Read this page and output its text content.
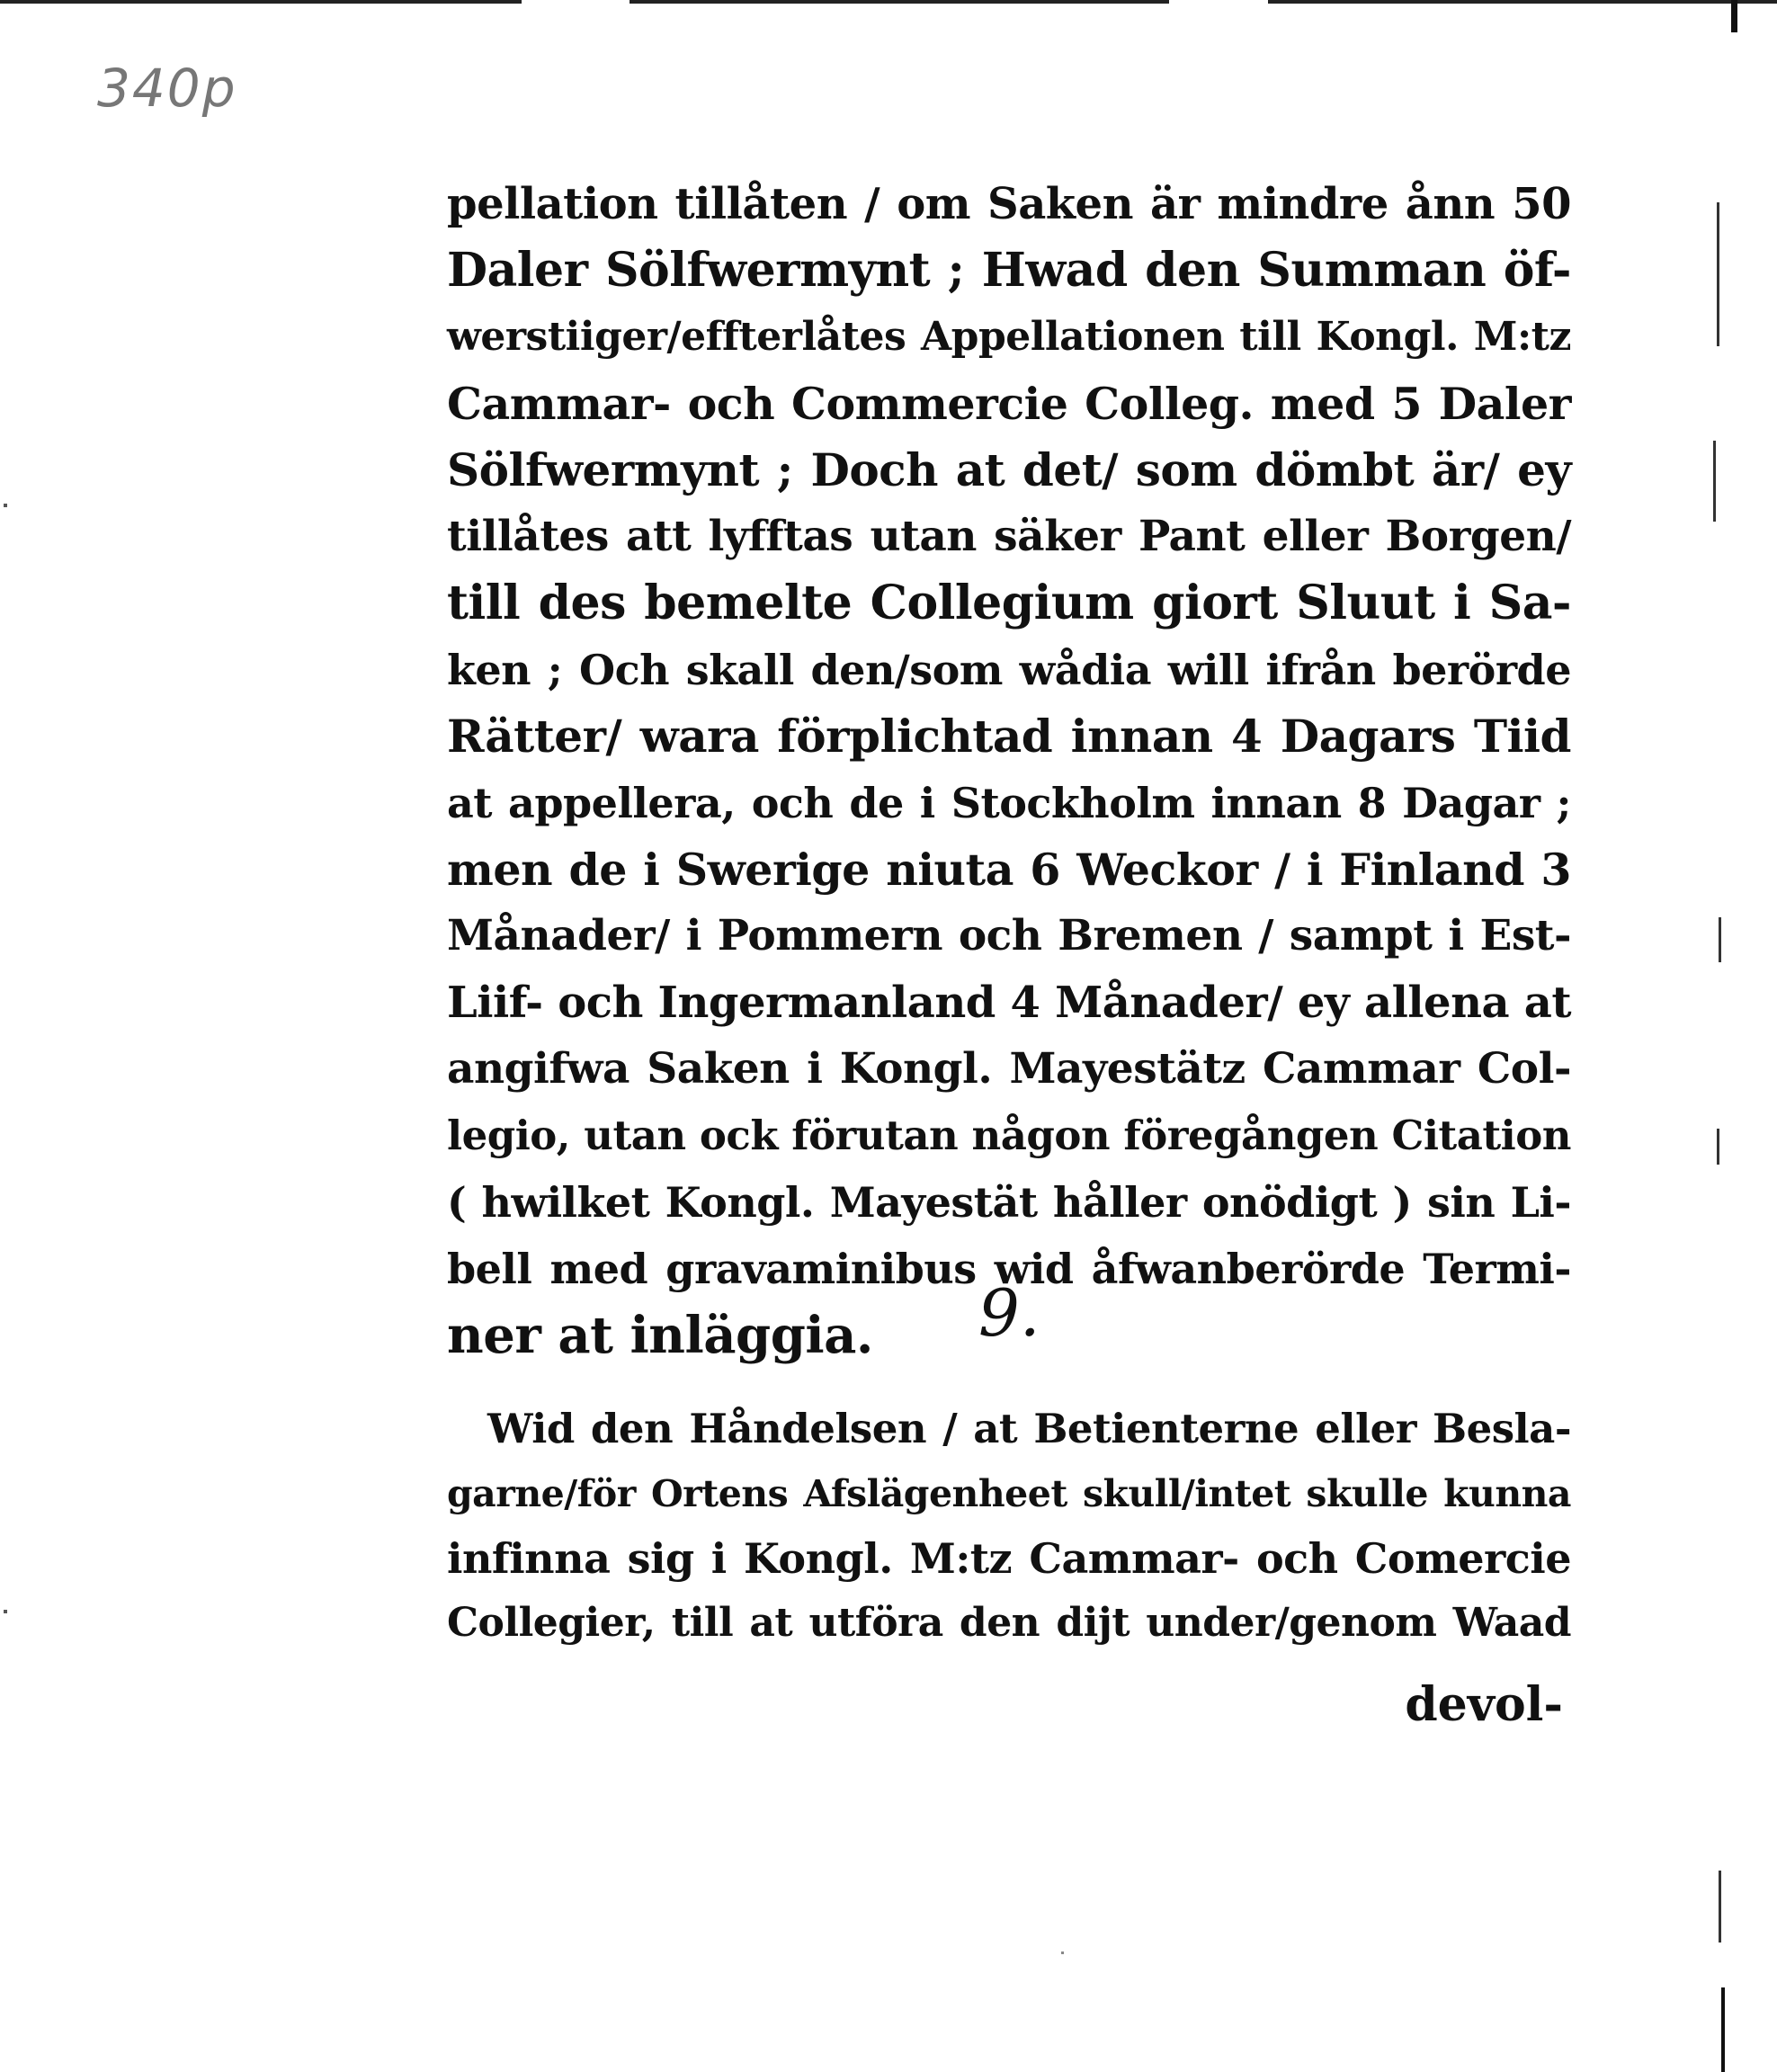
340p
pellation tillåten / om Saken är mindre ånn 50
Daler Sölfwermynt ; Hwad den Summan öf-
werstiiger/effterlåtes Appellationen till Kongl. M:tz
Cammar- och Commercie Colleg. med 5 Daler
Sölfwermynt ; Doch at det/ som dömbt är/ ey
tillåtes att lyfftas utan säker Pant eller Borgen/
till des bemelte Collegium giort Sluut i Sa-
ken ; Och skall den/som wådia will ifrån berörde
Rätter/ wara förplichtad innan 4 Dagars Tiid
at appellera, och de i Stockholm innan 8 Dagar ;
men de i Swerige niuta 6 Weckor / i Finland 3
Månader/ i Pommern och Bremen / sampt i Est-
Liif- och Ingermanland 4 Månader/ ey allena at
angifwa Saken i Kongl. Mayestätz Cammar Col-
legio, utan ock förutan någon föregången Citation
( hwilket Kongl. Mayestät håller onödigt ) sin Li-
bell med gravaminibus wid åfwanberörde Termi-
ner at inläggia.	9.
Wid den Håndelsen / at Betienterne eller Besla-
garne/för Ortens Afslägenheet skull/intet skulle kunna
infinna sig i Kongl. M:tz Cammar- och Comercie
Collegier, till at utföra den dijt under/genom Waad
devol-
